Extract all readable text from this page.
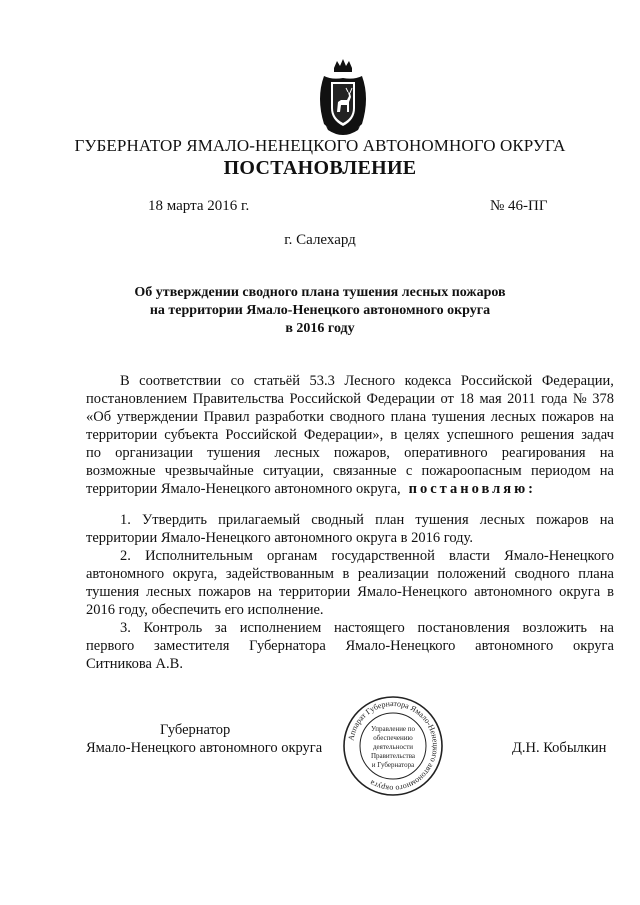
ГУБЕРНАТОР ЯМАЛО-НЕНЕЦКОГО АВТОНОМНОГО ОКРУГА
ПОСТАНОВЛЕНИЕ
18 марта 2016 г.	№ 46-ПГ
г. Салехард
Об утверждении сводного плана тушения лесных пожаров
на территории Ямало-Ненецкого автономного округа
в 2016 году
В соответствии со статьёй 53.3 Лесного кодекса Российской Федерации,
постановлением Правительства Российской Федерации от 18 мая 2011 года № 378
«Об утверждении Правил разработки сводного плана тушения лесных пожаров на
территории субъекта Российской Федерации», в целях успешного решения задач
по организации тушения лесных пожаров, оперативного реагирования на
возможные чрезвычайные ситуации, связанные с пожароопасным периодом на
территории Ямало-Ненецкого автономного округа, постановляю:
1. Утвердить прилагаемый сводный план тушения лесных пожаров на
территории Ямало-Ненецкого автономного округа в 2016 году.
2. Исполнительным органам государственной власти Ямало-Ненецкого
автономного округа, задействованным в реализации положений сводного плана
тушения лесных пожаров на территории Ямало-Ненецкого автономного округа в
2016 году, обеспечить его исполнение.
3. Контроль за исполнением настоящего постановления возложить на
первого заместителя Губернатора Ямало-Ненецкого автономного округа
Ситникова А.В.
Губернатор
Ямало-Ненецкого автономного округа	Д.Н. Кобылкин
Аппарат Губернатора Ямало-Ненецкого автономного округа
Управление по
обеспечению
деятельности
Правительства
и Губернатора
